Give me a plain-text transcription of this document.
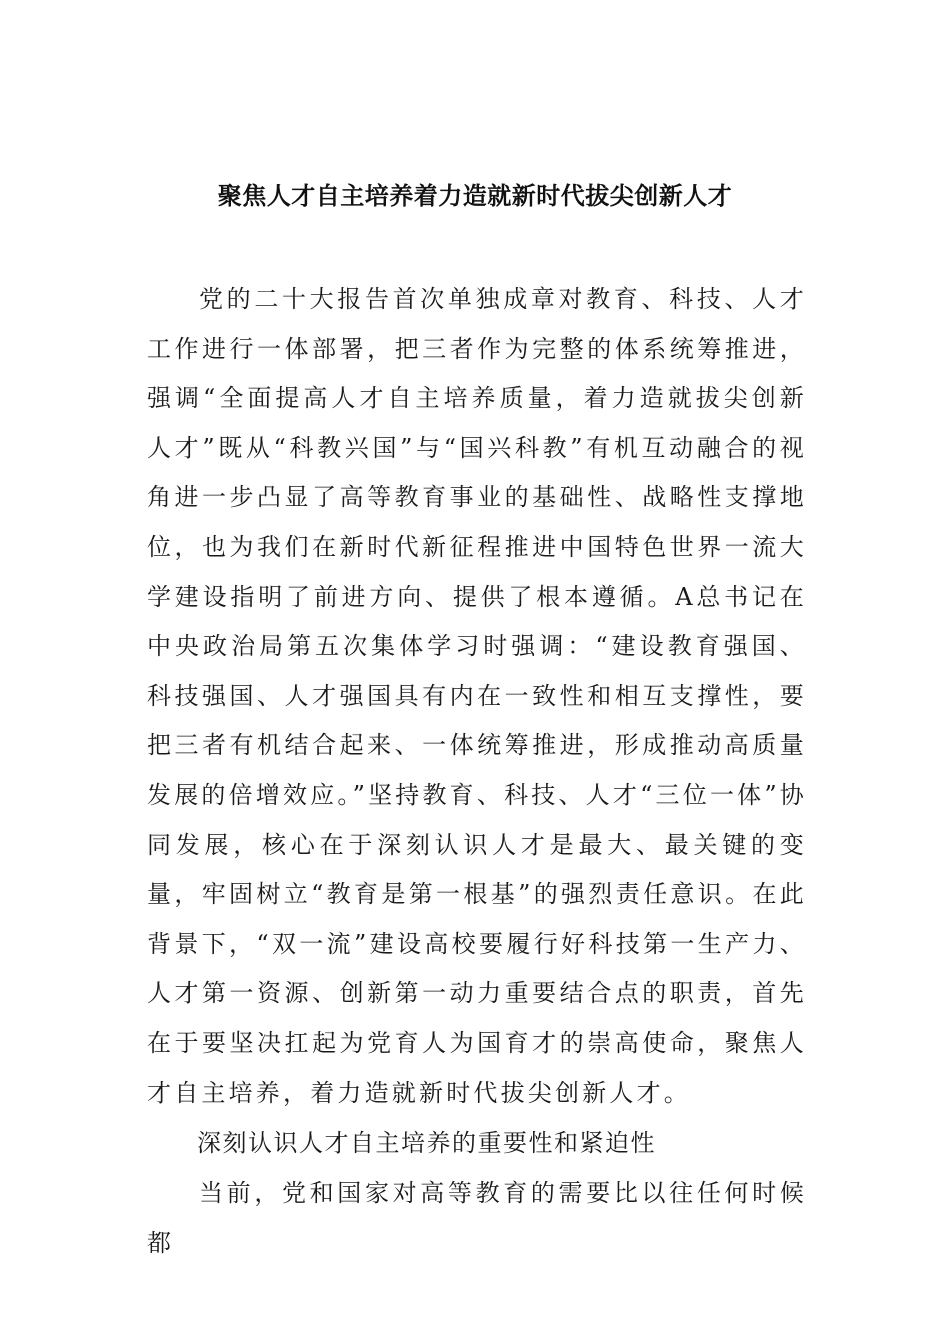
聚焦人才自主培养着力造就新时代拔尖创新人才

党的二十大报告首次单独成章对教育、科技、人才工作进行一体部署，把三者作为完整的体系统筹推进，强调“全面提高人才自主培养质量，着力造就拔尖创新人才”既从“科教兴国”与“国兴科教”有机互动融合的视角进一步凸显了高等教育事业的基础性、战略性支撑地位，也为我们在新时代新征程推进中国特色世界一流大学建设指明了前进方向、提供了根本遵循。A总书记在中央政治局第五次集体学习时强调：“建设教育强国、科技强国、人才强国具有内在一致性和相互支撑性，要把三者有机结合起来、一体统筹推进，形成推动高质量发展的倍增效应。”坚持教育、科技、人才“三位一体”协同发展，核心在于深刻认识人才是最大、最关键的变量，牢固树立“教育是第一根基”的强烈责任意识。在此背景下，“双一流”建设高校要履行好科技第一生产力、人才第一资源、创新第一动力重要结合点的职责，首先在于要坚决扛起为党育人为国育才的崇高使命，聚焦人才自主培养，着力造就新时代拔尖创新人才。

深刻认识人才自主培养的重要性和紧迫性

当前，党和国家对高等教育的需要比以往任何时候都
